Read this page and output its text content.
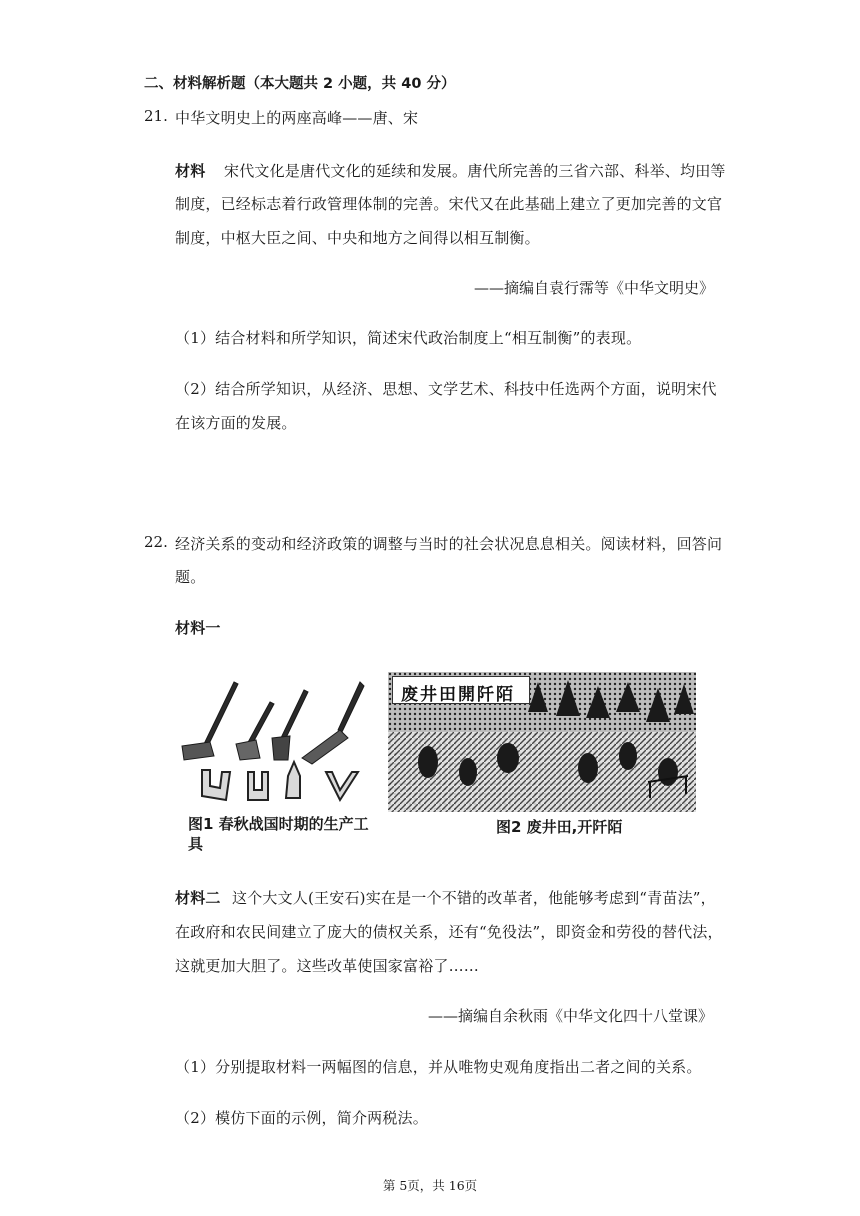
二、材料解析题（本大题共 2 小题，共 40 分）
21. 中华文明史上的两座高峰——唐、宋
材料 宋代文化是唐代文化的延续和发展。唐代所完善的三省六部、科举、均田等
制度，已经标志着行政管理体制的完善。宋代又在此基础上建立了更加完善的文官
制度，中枢大臣之间、中央和地方之间得以相互制衡。
——摘编自袁行霈等《中华文明史》
（1）结合材料和所学知识，简述宋代政治制度上“相互制衡”的表现。
（2）结合所学知识，从经济、思想、文学艺术、科技中任选两个方面，说明宋代
在该方面的发展。
22. 经济关系的变动和经济政策的调整与当时的社会状况息息相关。阅读材料，回答问
题。
材料一
图1 春秋战国时期的生产工具
废井田開阡陌
图2 废井田,开阡陌
材料二 这个大文人(王安石)实在是一个不错的改革者，他能够考虑到“青苗法”，
在政府和农民间建立了庞大的债权关系，还有“免役法”，即资金和劳役的替代法，
这就更加大胆了。这些改革使国家富裕了……
——摘编自余秋雨《中华文化四十八堂课》
（1）分别提取材料一两幅图的信息，并从唯物史观角度指出二者之间的关系。
（2）模仿下面的示例，简介两税法。
第 5页，共 16页
